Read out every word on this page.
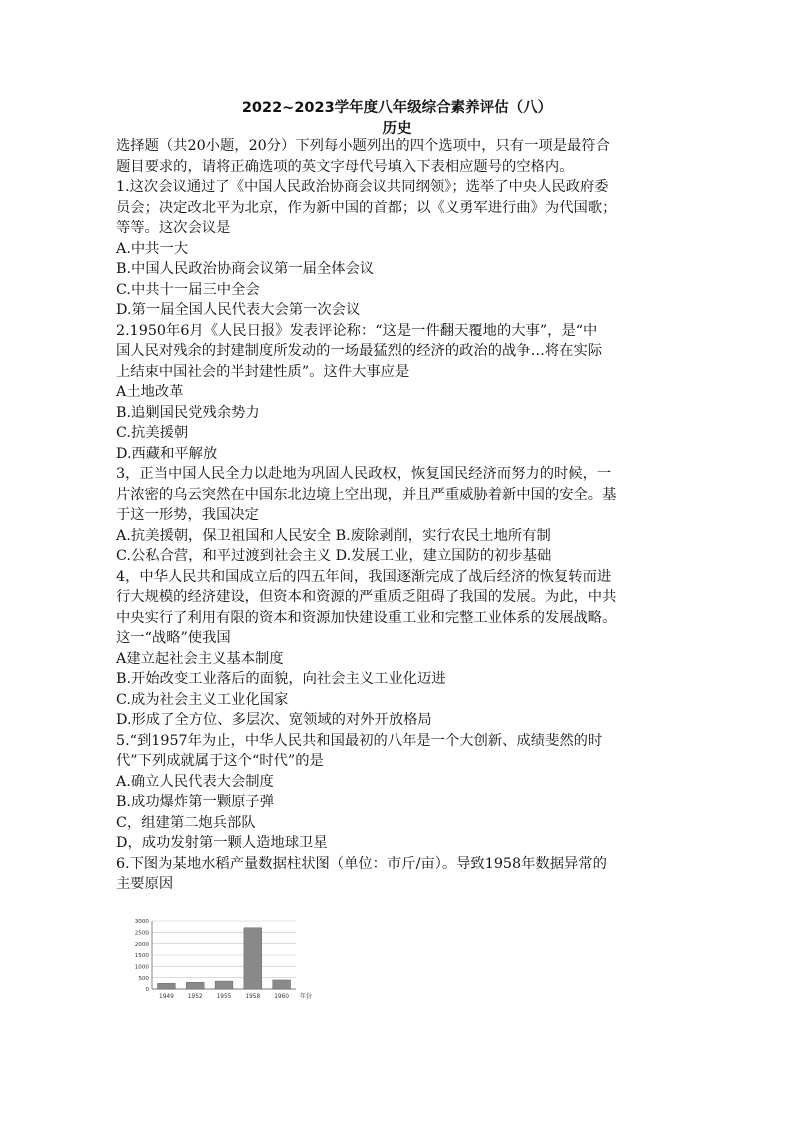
2022~2023学年度八年级综合素养评估（八）
历史
选择题（共20小题，20分）下列每小题列出的四个选项中，只有一项是最符合
题目要求的，请将正确选项的英文字母代号填入下表相应题号的空格内。
1.这次会议通过了《中国人民政治协商会议共同纲领》；选举了中央人民政府委
员会；决定改北平为北京，作为新中国的首都；以《义勇军进行曲》为代国歌；
等等。这次会议是
A.中共一大
B.中国人民政治协商会议第一届全体会议
C.中共十一届三中全会
D.第一届全国人民代表大会第一次会议
2.1950年6月《人民日报》发表评论称：“这是一件翻天覆地的大事”，是“中
国人民对残余的封建制度所发动的一场最猛烈的经济的政治的战争…将在实际
上结束中国社会的半封建性质”。这件大事应是
A土地改革
B.追剿国民党残余势力
C.抗美援朝
D.西藏和平解放
3，正当中国人民全力以赴地为巩固人民政权，恢复国民经济而努力的时候，一
片浓密的乌云突然在中国东北边境上空出现，并且严重威胁着新中国的安全。基
于这一形势，我国决定
A.抗美援朝，保卫祖国和人民安全 B.废除剥削，实行农民土地所有制
C.公私合营，和平过渡到社会主义 D.发展工业，建立国防的初步基础
4，中华人民共和国成立后的四五年间，我国逐渐完成了战后经济的恢复转而进
行大规模的经济建设，但资本和资源的严重质乏阻碍了我国的发展。为此，中共
中央实行了利用有限的资本和资源加快建设重工业和完整工业体系的发展战略。
这一“战略”使我国
A建立起社会主义基本制度
B.开始改变工业落后的面貌，向社会主义工业化迈进
C.成为社会主义工业化国家
D.形成了全方位、多层次、宽领域的对外开放格局
5.“到1957年为止，中华人民共和国最初的八年是一个大创新、成绩斐然的时
代”下列成就属于这个“时代”的是
A.确立人民代表大会制度
B.成功爆炸第一颗原子弹
C，组建第二炮兵部队
D，成功发射第一颗人造地球卫星
6.下图为某地水稻产量数据柱状图（单位：市斤/亩）。导致1958年数据异常的
主要原因
0
500
1000
1500
2000
2500
3000
1949 1952 1955 1958 1960 年份
